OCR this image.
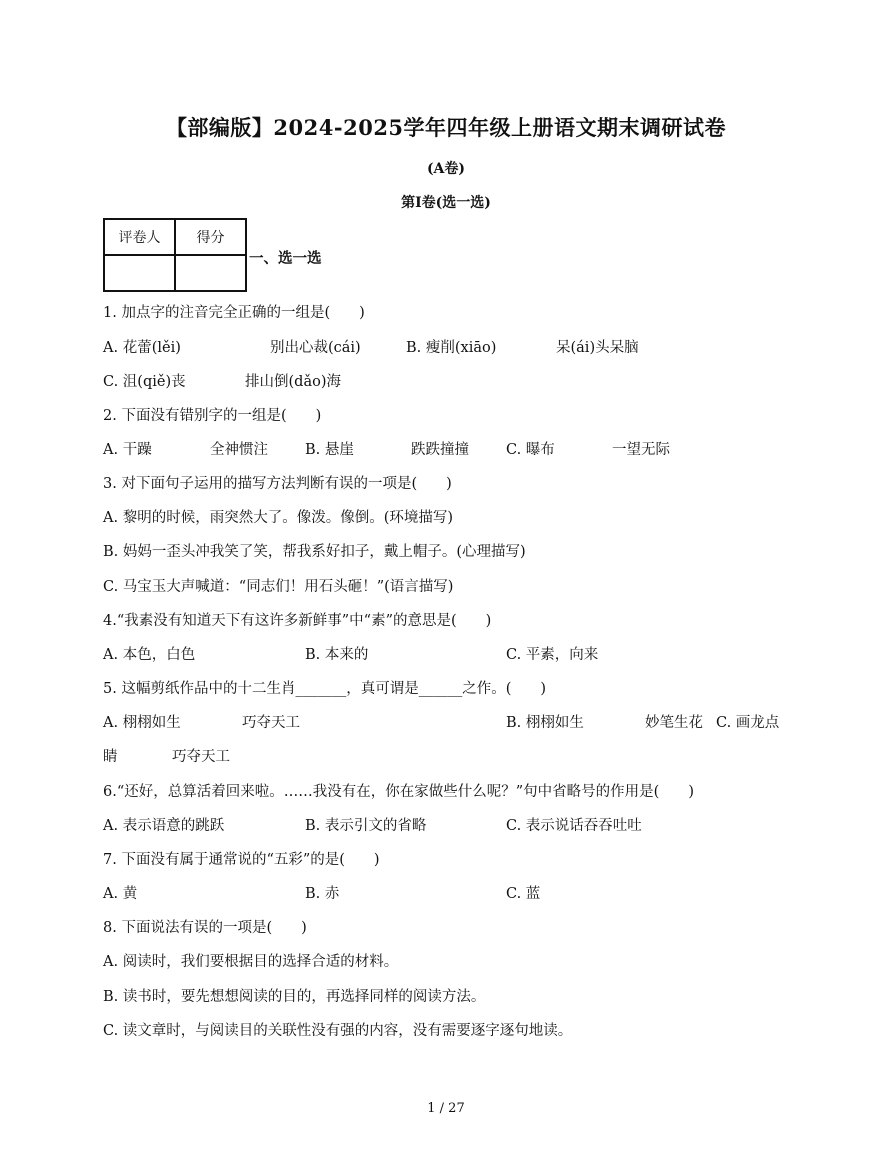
【部编版】2024-2025学年四年级上册语文期末调研试卷
(A卷)
第I卷(选一选)
评卷人	得分

一、选一选
1. 加点字的注音完全正确的一组是(　　)
A. 花蕾(lěi)	别出心裁(cái)	B. 瘦削(xiāo)	呆(ái)头呆脑
C. 沮(qiě)丧	排山倒(dǎo)海
2. 下面没有错别字的一组是(　　)
A. 干躁	全神惯注	B. 悬崖	跌跌撞撞	C. 曝布	一望无际
3. 对下面句子运用的描写方法判断有误的一项是(　　)
A. 黎明的时候，雨突然大了。像泼。像倒。(环境描写)
B. 妈妈一歪头冲我笑了笑，帮我系好扣子，戴上帽子。(心理描写)
C. 马宝玉大声喊道：“同志们！用石头砸！”(语言描写)
4.“我素没有知道天下有这许多新鲜事”中“素”的意思是(　　)
A. 本色，白色	B. 本来的	C. 平素，向来
5. 这幅剪纸作品中的十二生肖_______，真可谓是______之作。(　　)
A. 栩栩如生	巧夺天工	B. 栩栩如生	妙笔生花 C. 画龙点
睛	巧夺天工
6.“还好，总算活着回来啦。……我没有在，你在家做些什么呢？”句中省略号的作用是(　　)
A. 表示语意的跳跃	B. 表示引文的省略	C. 表示说话吞吞吐吐
7. 下面没有属于通常说的“五彩”的是(　　)
A. 黄	B. 赤	C. 蓝
8. 下面说法有误的一项是(　　)
A. 阅读时，我们要根据目的选择合适的材料。
B. 读书时，要先想想阅读的目的，再选择同样的阅读方法。
C. 读文章时，与阅读目的关联性没有强的内容，没有需要逐字逐句地读。
1 / 27
